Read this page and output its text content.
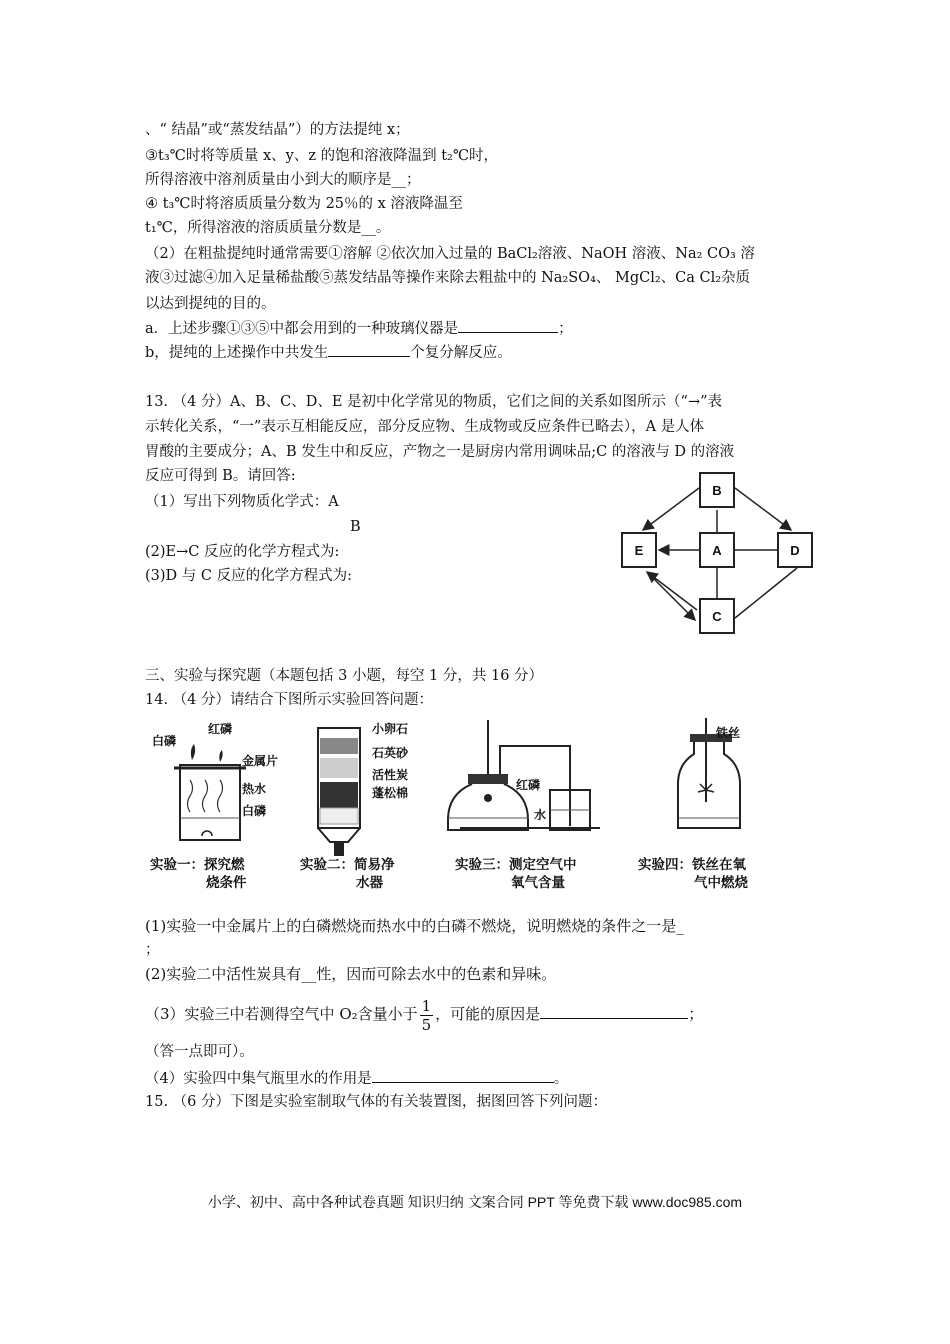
、“ 结晶”或“蒸发结晶”）的方法提纯 x；
③t₃℃时将等质量 x、y、z 的饱和溶液降温到 t₂℃时，
所得溶液中溶剂质量由小到大的顺序是__；
④ t₃℃时将溶质质量分数为 25％的 x 溶液降温至
t₁℃，所得溶液的溶质质量分数是__。
（2）在粗盐提纯时通常需要①溶解 ②依次加入过量的 BaCl₂溶液、NaOH 溶液、Na₂ CO₃ 溶
液③过滤④加入足量稀盐酸⑤蒸发结晶等操作来除去粗盐中的 Na₂SO₄、 MgCl₂、Ca Cl₂杂质
以达到提纯的目的。
a．上述步骤①③⑤中都会用到的一种玻璃仪器是	；
b，提纯的上述操作中共发生	个复分解反应。
13. （4 分）A、B、C、D、E 是初中化学常见的物质，它们之间的关系如图所示（“→”表
示转化关系，“一”表示互相能反应，部分反应物、生成物或反应条件已略去），A 是人体
胃酸的主要成分；A、B 发生中和反应，产物之一是厨房内常用调味品;C 的溶液与 D 的溶液
反应可得到 B。请回答:
（1）写出下列物质化学式：A
B
(2)E→C 反应的化学方程式为:
(3)D 与 C 反应的化学方程式为:
B
E	A	D
C
三、实验与探究题（本题包括 3 小题，每空 1 分，共 16 分）
14. （4 分）请结合下图所示实验回答问题：
白磷
红磷
金属片
热水
白磷
小卵石
石英砂
活性炭
蓬松棉
红磷
水
铁丝
实验一：探究燃
烧条件
实验二：简易净
水器
实验三：测定空气中
氧气含量
实验四：铁丝在氧
气中燃烧
(1)实验一中金属片上的白磷燃烧而热水中的白磷不燃烧，说明燃烧的条件之一是_
；
(2)实验二中活性炭具有__性，因而可除去水中的色素和异味。
（3）实验三中若测得空气中 O₂含量小于 $\frac{1}{5}$ ，可能的原因是	；
（答一点即可）。
（4）实验四中集气瓶里水的作用是	。
15. （6 分）下图是实验室制取气体的有关装置图，据图回答下列问题：
小学、初中、高中各种试卷真题 知识归纳 文案合同 PPT 等免费下载 www.doc985.com
